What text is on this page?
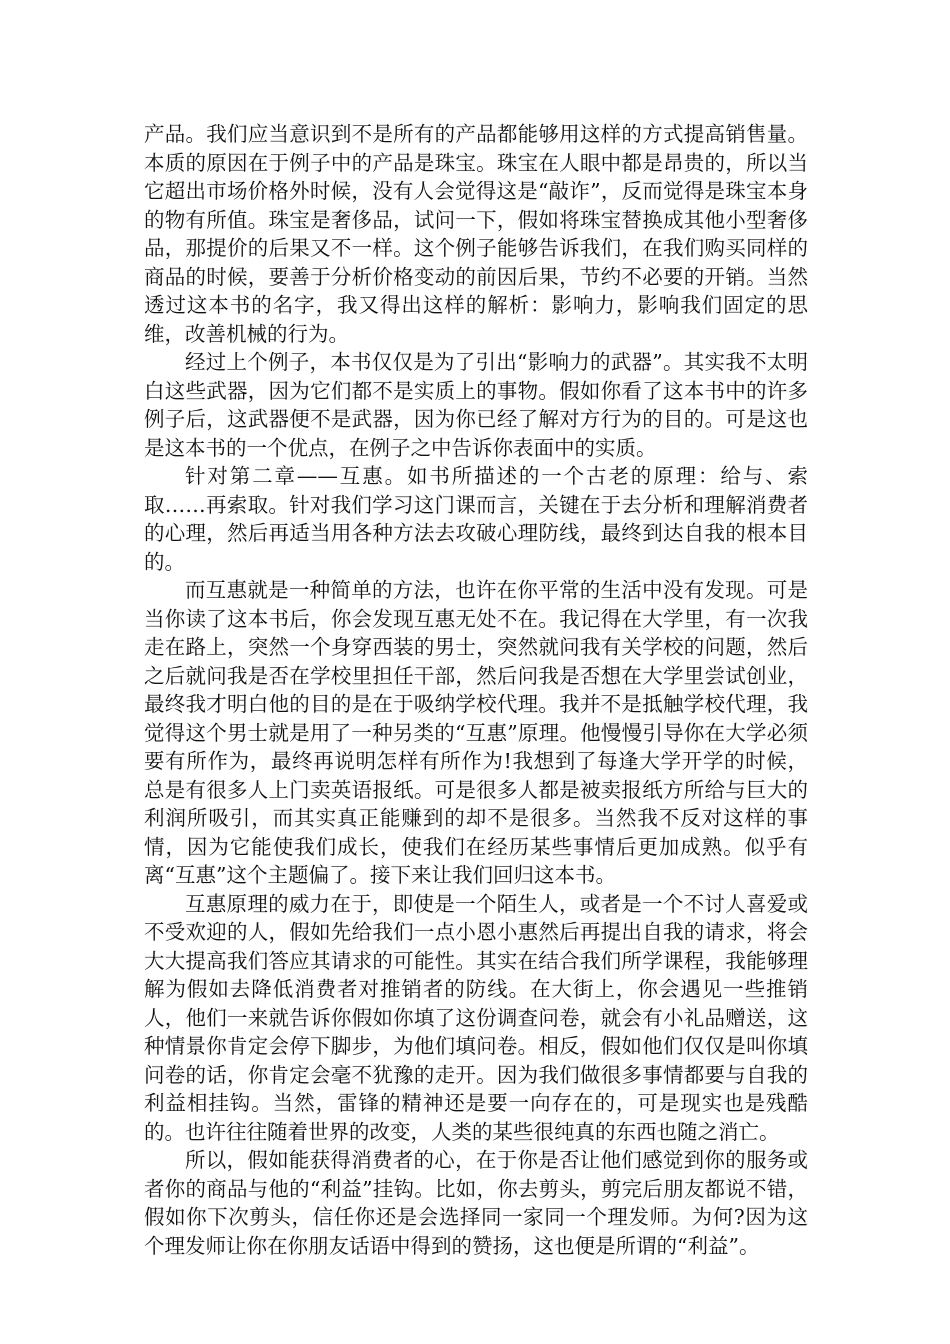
产品。我们应当意识到不是所有的产品都能够用这样的方式提高销售量。本质的原因在于例子中的产品是珠宝。珠宝在人眼中都是昂贵的，所以当它超出市场价格外时候，没有人会觉得这是“敲诈”，反而觉得是珠宝本身的物有所值。珠宝是奢侈品，试问一下，假如将珠宝替换成其他小型奢侈品，那提价的后果又不一样。这个例子能够告诉我们，在我们购买同样的商品的时候，要善于分析价格变动的前因后果，节约不必要的开销。当然透过这本书的名字，我又得出这样的解析：影响力，影响我们固定的思维，改善机械的行为。

经过上个例子，本书仅仅是为了引出“影响力的武器”。其实我不太明白这些武器，因为它们都不是实质上的事物。假如你看了这本书中的许多例子后，这武器便不是武器，因为你已经了解对方行为的目的。可是这也是这本书的一个优点，在例子之中告诉你表面中的实质。

针对第二章——互惠。如书所描述的一个古老的原理：给与、索取……再索取。针对我们学习这门课而言，关键在于去分析和理解消费者的心理，然后再适当用各种方法去攻破心理防线，最终到达自我的根本目的。

而互惠就是一种简单的方法，也许在你平常的生活中没有发现。可是当你读了这本书后，你会发现互惠无处不在。我记得在大学里，有一次我走在路上，突然一个身穿西装的男士，突然就问我有关学校的问题，然后之后就问我是否在学校里担任干部，然后问我是否想在大学里尝试创业，最终我才明白他的目的是在于吸纳学校代理。我并不是抵触学校代理，我觉得这个男士就是用了一种另类的“互惠”原理。他慢慢引导你在大学必须要有所作为，最终再说明怎样有所作为!我想到了每逢大学开学的时候，总是有很多人上门卖英语报纸。可是很多人都是被卖报纸方所给与巨大的利润所吸引，而其实真正能赚到的却不是很多。当然我不反对这样的事情，因为它能使我们成长，使我们在经历某些事情后更加成熟。似乎有离“互惠”这个主题偏了。接下来让我们回归这本书。

互惠原理的威力在于，即使是一个陌生人，或者是一个不讨人喜爱或不受欢迎的人，假如先给我们一点小恩小惠然后再提出自我的请求，将会大大提高我们答应其请求的可能性。其实在结合我们所学课程，我能够理解为假如去降低消费者对推销者的防线。在大街上，你会遇见一些推销人，他们一来就告诉你假如你填了这份调查问卷，就会有小礼品赠送，这种情景你肯定会停下脚步，为他们填问卷。相反，假如他们仅仅是叫你填问卷的话，你肯定会毫不犹豫的走开。因为我们做很多事情都要与自我的利益相挂钩。当然，雷锋的精神还是要一向存在的，可是现实也是残酷的。也许往往随着世界的改变，人类的某些很纯真的东西也随之消亡。

所以，假如能获得消费者的心，在于你是否让他们感觉到你的服务或者你的商品与他的“利益”挂钩。比如，你去剪头，剪完后朋友都说不错，假如你下次剪头，信任你还是会选择同一家同一个理发师。为何?因为这个理发师让你在你朋友话语中得到的赞扬，这也便是所谓的“利益”。
